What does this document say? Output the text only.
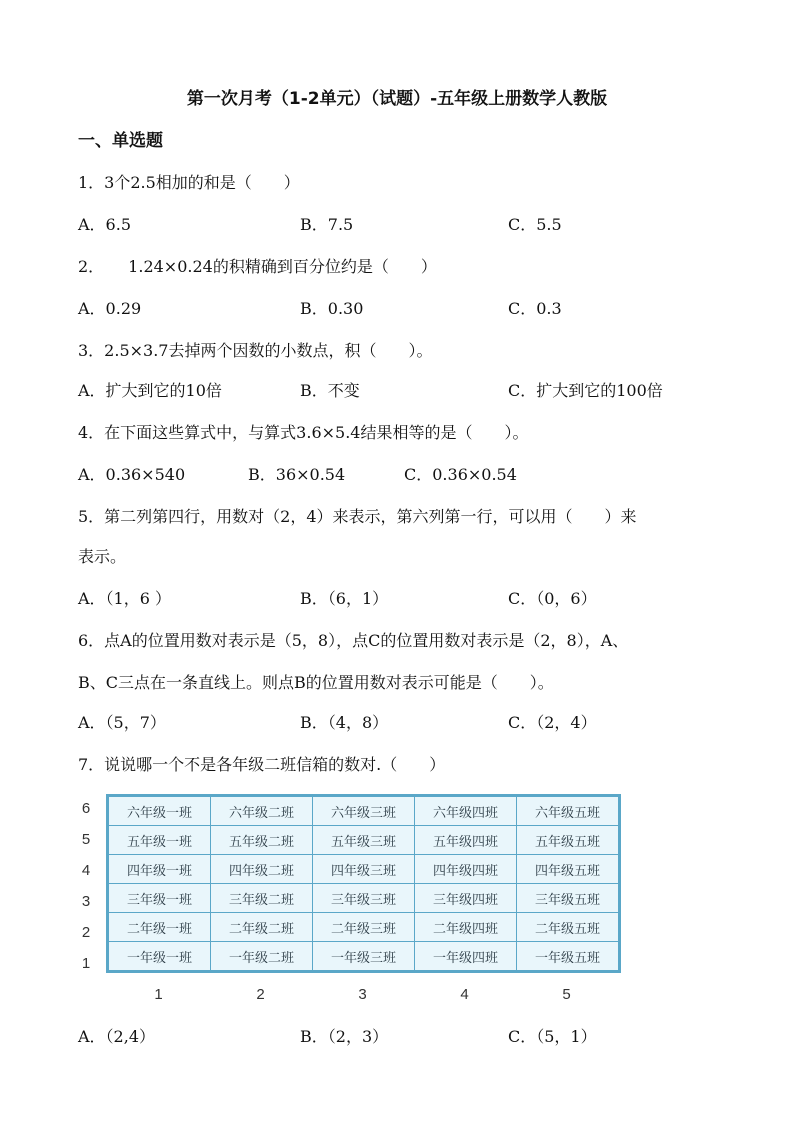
第一次月考（1-2单元）（试题）-五年级上册数学人教版
一、单选题
1．3个2.5相加的和是（　　）
A．6.5	B．7.5	C．5.5
2．　　1.24×0.24的积精确到百分位约是（　　）
A．0.29	B．0.30	C．0.3
3．2.5×3.7去掉两个因数的小数点，积（　　）。
A．扩大到它的10倍	B．不变	C．扩大到它的100倍
4．在下面这些算式中，与算式3.6×5.4结果相等的是（　　）。
A．0.36×540	B．36×0.54	C．0.36×0.54
5．第二列第四行，用数对（2，4）来表示，第六列第一行，可以用（　　）来
表示。
A．（1，6 ）	B．（6，1）	C．（0，6）
6．点A的位置用数对表示是（5，8），点C的位置用数对表示是（2，8），A、
B、C三点在一条直线上。则点B的位置用数对表示可能是（　　）。
A．（5，7）	B．（4，8）	C．（2，4）
7．说说哪一个不是各年级二班信箱的数对.（　　）
6
5
4
3
2
1
六年级一班	六年级二班	六年级三班	六年级四班	六年级五班
五年级一班	五年级二班	五年级三班	五年级四班	五年级五班
四年级一班	四年级二班	四年级三班	四年级四班	四年级五班
三年级一班	三年级二班	三年级三班	三年级四班	三年级五班
二年级一班	二年级二班	二年级三班	二年级四班	二年级五班
一年级一班	一年级二班	一年级三班	一年级四班	一年级五班
1	2	3	4	5
A．（2,4）	B．（2，3）	C．（5，1）
